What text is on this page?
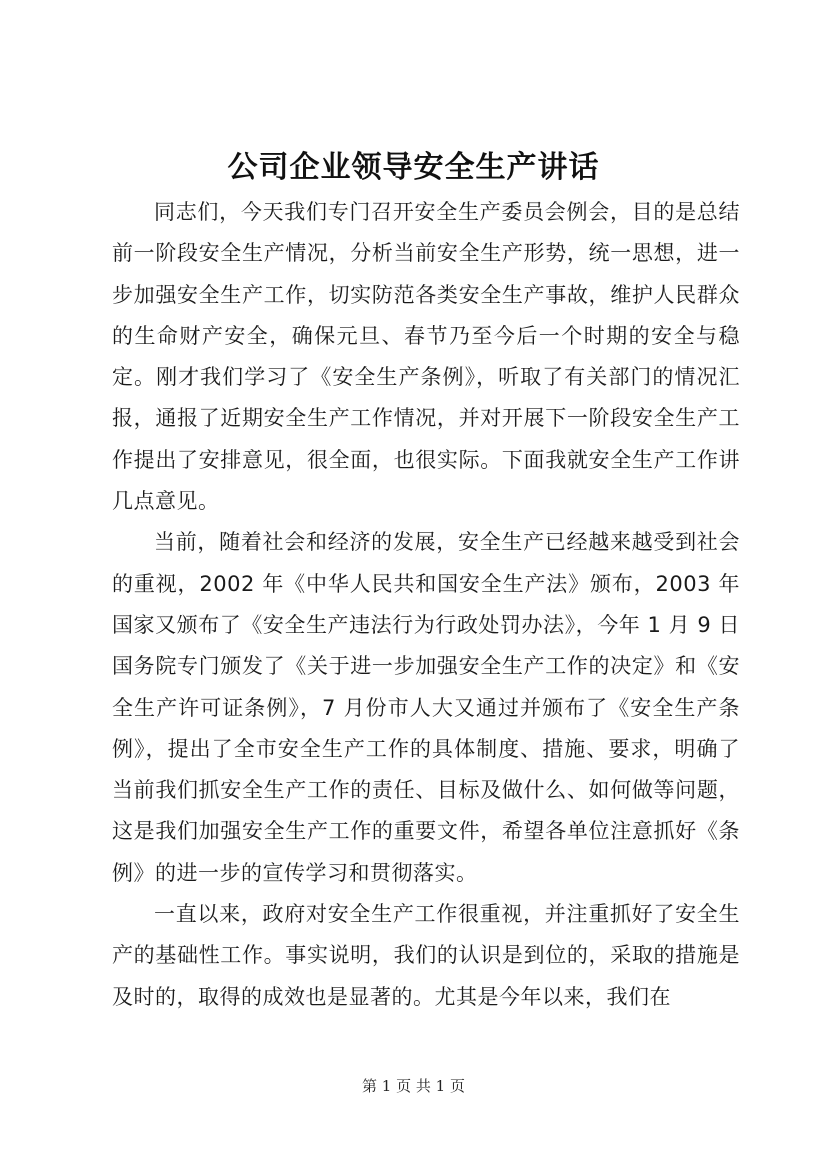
公司企业领导安全生产讲话

同志们，今天我们专门召开安全生产委员会例会，目的是总结前一阶段安全生产情况，分析当前安全生产形势，统一思想，进一步加强安全生产工作，切实防范各类安全生产事故，维护人民群众的生命财产安全，确保元旦、春节乃至今后一个时期的安全与稳定。刚才我们学习了《安全生产条例》，听取了有关部门的情况汇报，通报了近期安全生产工作情况，并对开展下一阶段安全生产工作提出了安排意见，很全面，也很实际。下面我就安全生产工作讲几点意见。

当前，随着社会和经济的发展，安全生产已经越来越受到社会的重视，2002 年《中华人民共和国安全生产法》颁布，2003 年国家又颁布了《安全生产违法行为行政处罚办法》，今年 1 月 9 日国务院专门颁发了《关于进一步加强安全生产工作的决定》和《安全生产许可证条例》，7 月份市人大又通过并颁布了《安全生产条例》，提出了全市安全生产工作的具体制度、措施、要求，明确了当前我们抓安全生产工作的责任、目标及做什么、如何做等问题，这是我们加强安全生产工作的重要文件，希望各单位注意抓好《条例》的进一步的宣传学习和贯彻落实。

一直以来，政府对安全生产工作很重视，并注重抓好了安全生产的基础性工作。事实说明，我们的认识是到位的，采取的措施是及时的，取得的成效也是显著的。尤其是今年以来，我们在

第 1 页 共 1 页
